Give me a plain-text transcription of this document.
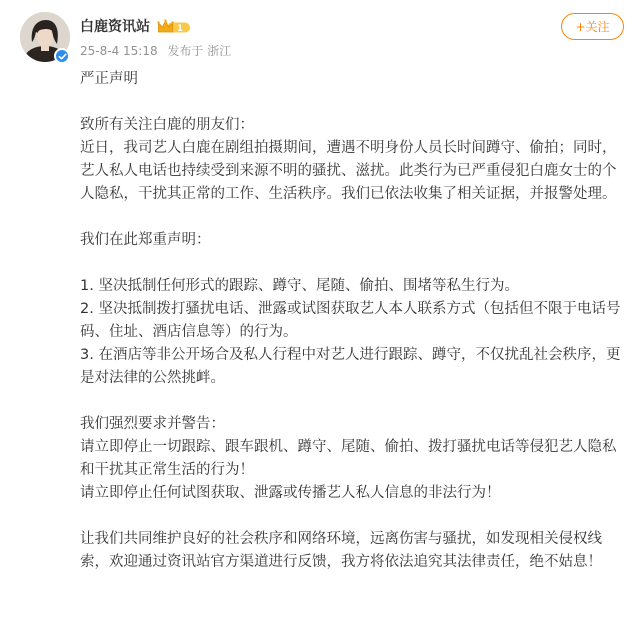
白鹿资讯站	1
25-8-4 15:18 发布于 浙江
+关注
严正声明

致所有关注白鹿的朋友们：
近日，我司艺人白鹿在剧组拍摄期间，遭遇不明身份人员长时间蹲守、偷拍；同时，艺人私人电话也持续受到来源不明的骚扰、滋扰。此类行为已严重侵犯白鹿女士的个人隐私，干扰其正常的工作、生活秩序。我们已依法收集了相关证据，并报警处理。

我们在此郑重声明：

1. 坚决抵制任何形式的跟踪、蹲守、尾随、偷拍、围堵等私生行为。
2. 坚决抵制拨打骚扰电话、泄露或试图获取艺人本人联系方式（包括但不限于电话号码、住址、酒店信息等）的行为。
3. 在酒店等非公开场合及私人行程中对艺人进行跟踪、蹲守，不仅扰乱社会秩序，更是对法律的公然挑衅。

我们强烈要求并警告：
请立即停止一切跟踪、跟车跟机、蹲守、尾随、偷拍、拨打骚扰电话等侵犯艺人隐私和干扰其正常生活的行为！
请立即停止任何试图获取、泄露或传播艺人私人信息的非法行为！

让我们共同维护良好的社会秩序和网络环境，远离伤害与骚扰，如发现相关侵权线索，欢迎通过资讯站官方渠道进行反馈，我方将依法追究其法律责任，绝不姑息！
